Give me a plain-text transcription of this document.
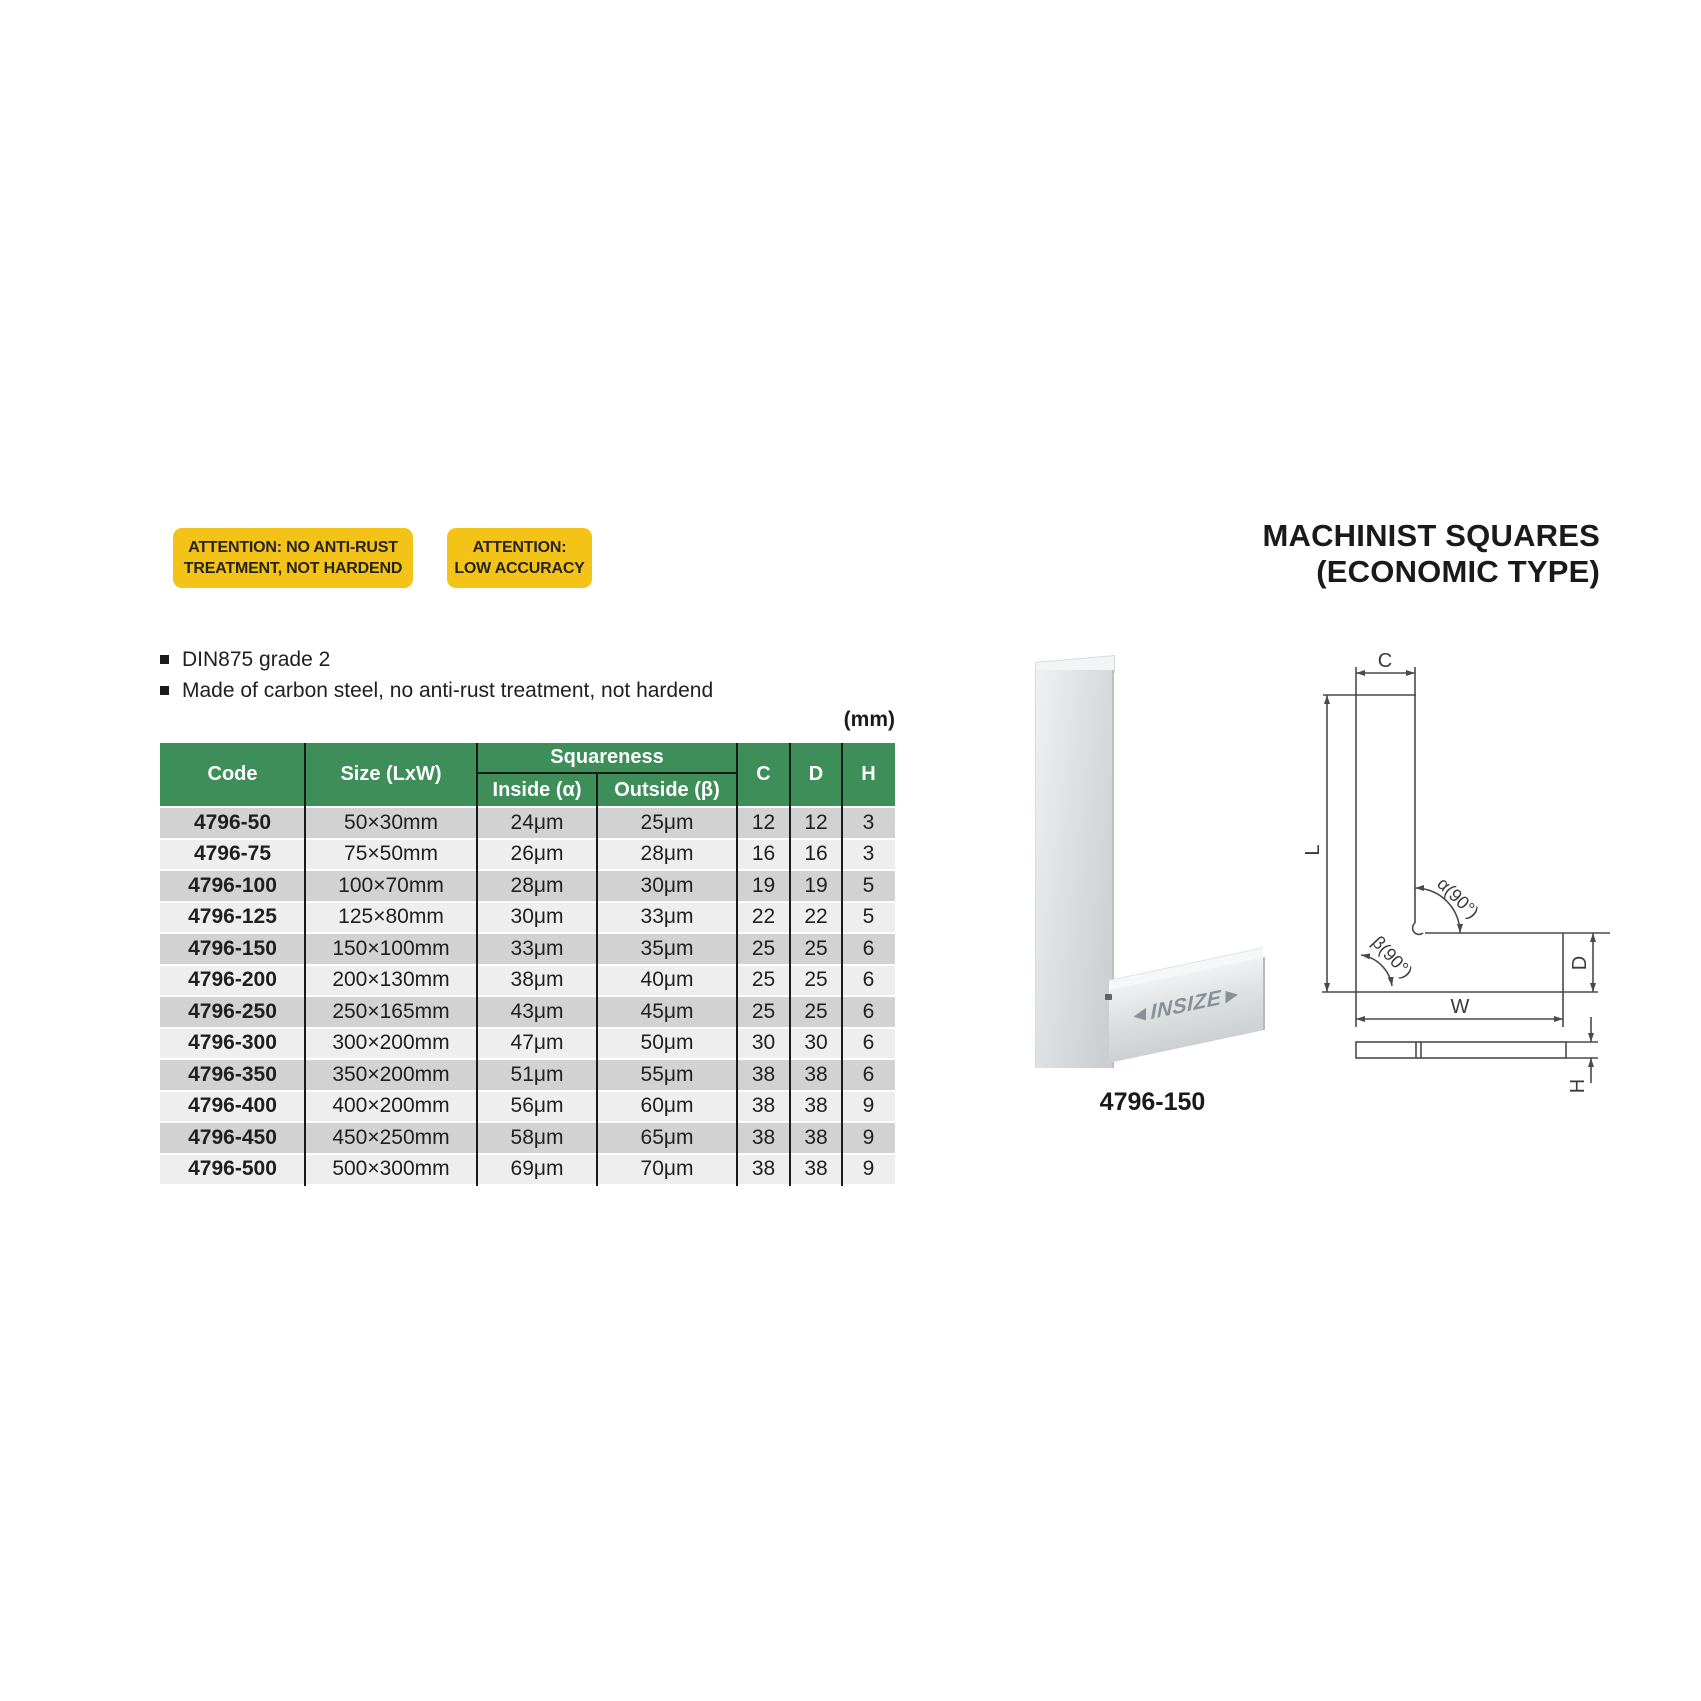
ATTENTION: NO ANTI-RUST
TREATMENT, NOT HARDEND
ATTENTION:
LOW ACCURACY
MACHINIST SQUARES
(ECONOMIC TYPE)
DIN875 grade 2
Made of carbon steel, no anti-rust treatment, not hardend
(mm)
Code	Size (LxW)
Squareness
Inside (α)	Outside (β)
C	D	H
4796-50	50×30mm	24μm	25μm	12	12	3
4796-75	75×50mm	26μm	28μm	16	16	3
4796-100	100×70mm	28μm	30μm	19	19	5
4796-125	125×80mm	30μm	33μm	22	22	5
4796-150	150×100mm	33μm	35μm	25	25	6
4796-200	200×130mm	38μm	40μm	25	25	6
4796-250	250×165mm	43μm	45μm	25	25	6
4796-300	300×200mm	47μm	50μm	30	30	6
4796-350	350×200mm	51μm	55μm	38	38	6
4796-400	400×200mm	56μm	60μm	38	38	9
4796-450	450×250mm	58μm	65μm	38	38	9
4796-500	500×300mm	69μm	70μm	38	38	9
◄INSIZE►
4796-150
C
L
W
D
H
α(90°)
β(90°)
